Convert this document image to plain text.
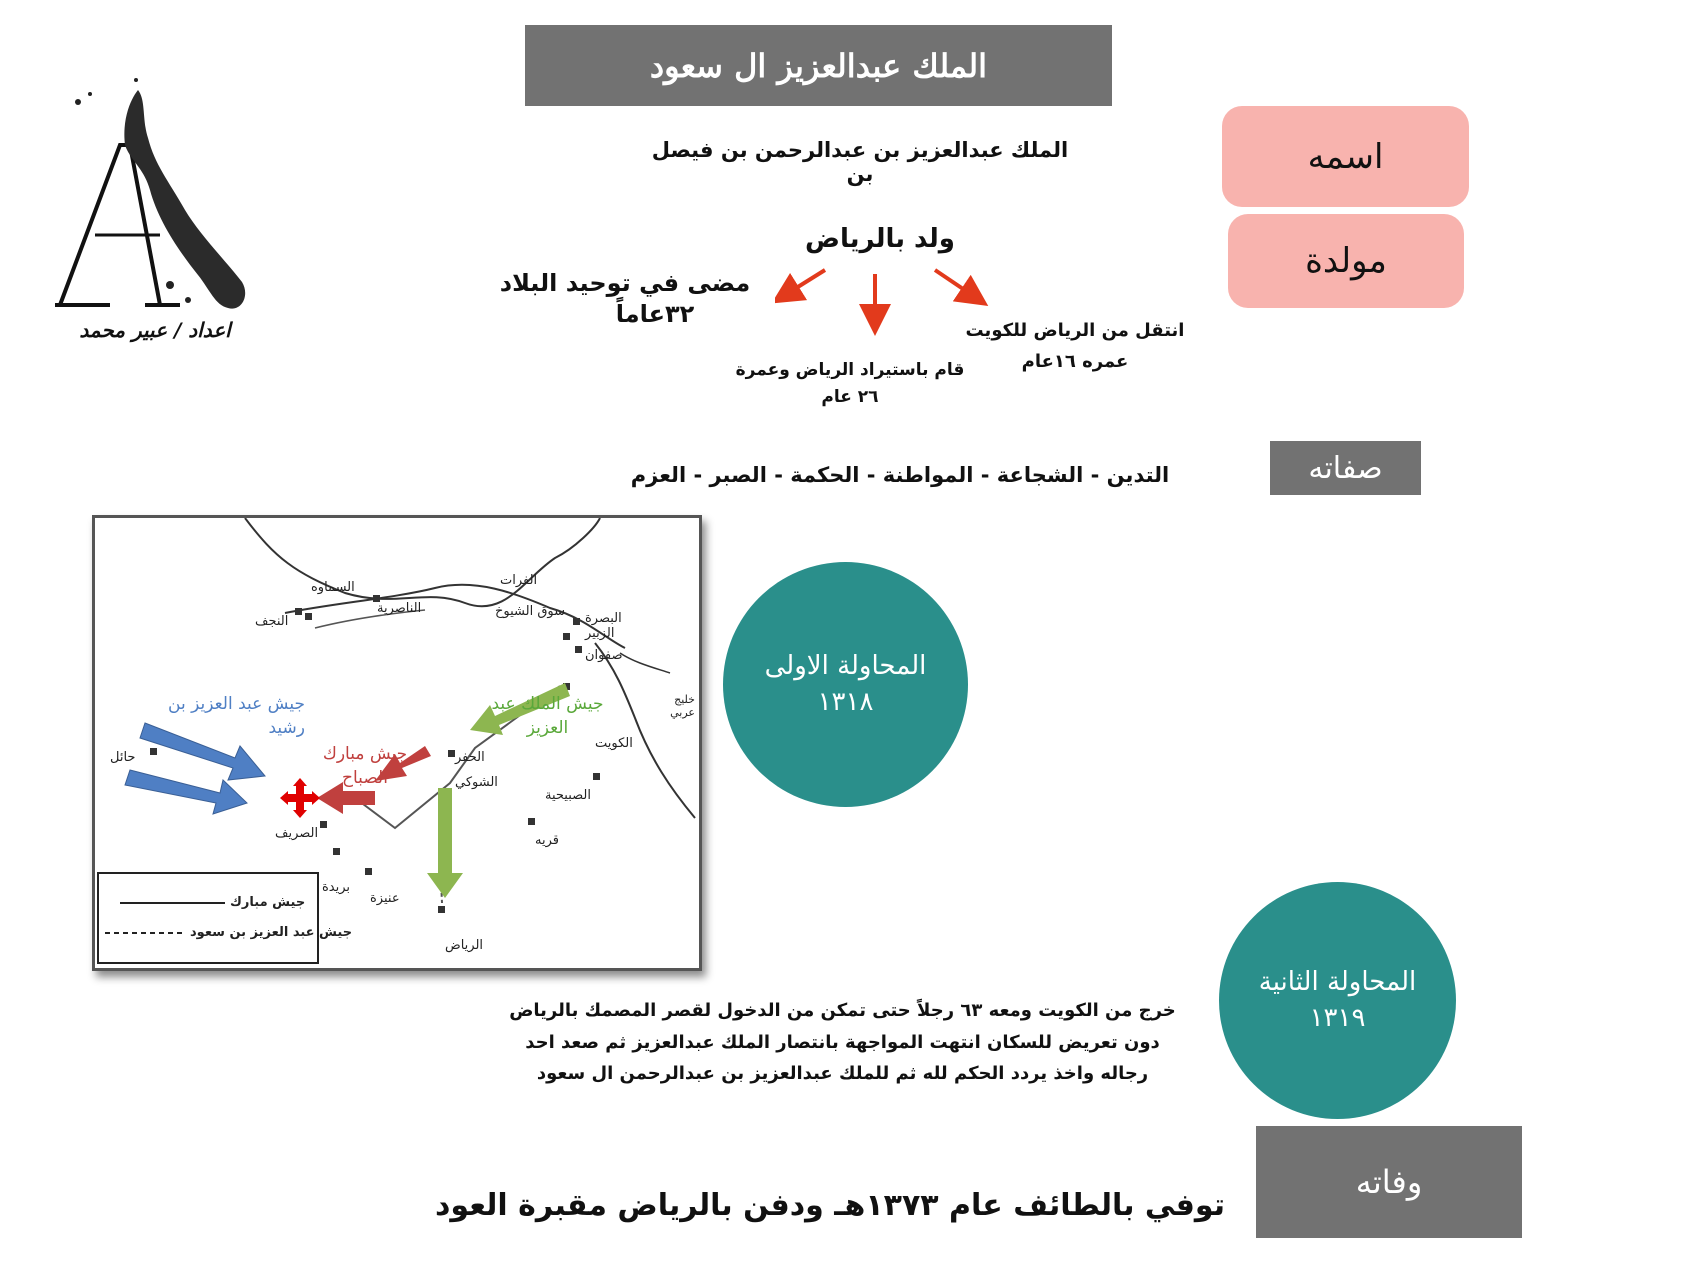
الملك عبدالعزيز ال سعود
اعداد / عبير محمد
اسمه
الملك عبدالعزيز بن عبدالرحمن بن فيصل بن
مولدة
ولد بالرياض
مضى في توحيد البلاد
٣٢عاماً
قام باستيراد الرياض وعمرة
٢٦ عام
انتقل من الرياض للكويت
عمره ١٦عام
صفاته
التدين - الشجاعة - المواطنة - الحكمة - الصبر - العزم
الفرات
السماوه
الناصرية	سوق الشيوخ
النجف	البصرة
الزبير
صفوان
الكويت
خليج عربي
حائل	الحفر
الشوكي
الصبيحية
الصريف	قريه
بريدة
عنيزة
الرياض
جيش عبد العزيز بن رشيد
جيش مبارك الصباح
جيش الملك عبد العزيز
جيش مبارك
جيش عبد العزيز بن سعود
المحاولة الاولى
١٣١٨
المحاولة الثانية
١٣١٩
خرج من الكويت ومعه ٦٣ رجلاً حتى تمكن من الدخول لقصر المصمك بالرياض
دون تعريض للسكان انتهت المواجهة بانتصار الملك عبدالعزيز ثم صعد احد
رجاله واخذ يردد الحكم لله ثم للملك عبدالعزيز بن عبدالرحمن ال سعود
وفاته
توفي بالطائف عام ١٣٧٣هـ ودفن بالرياض مقبرة العود
